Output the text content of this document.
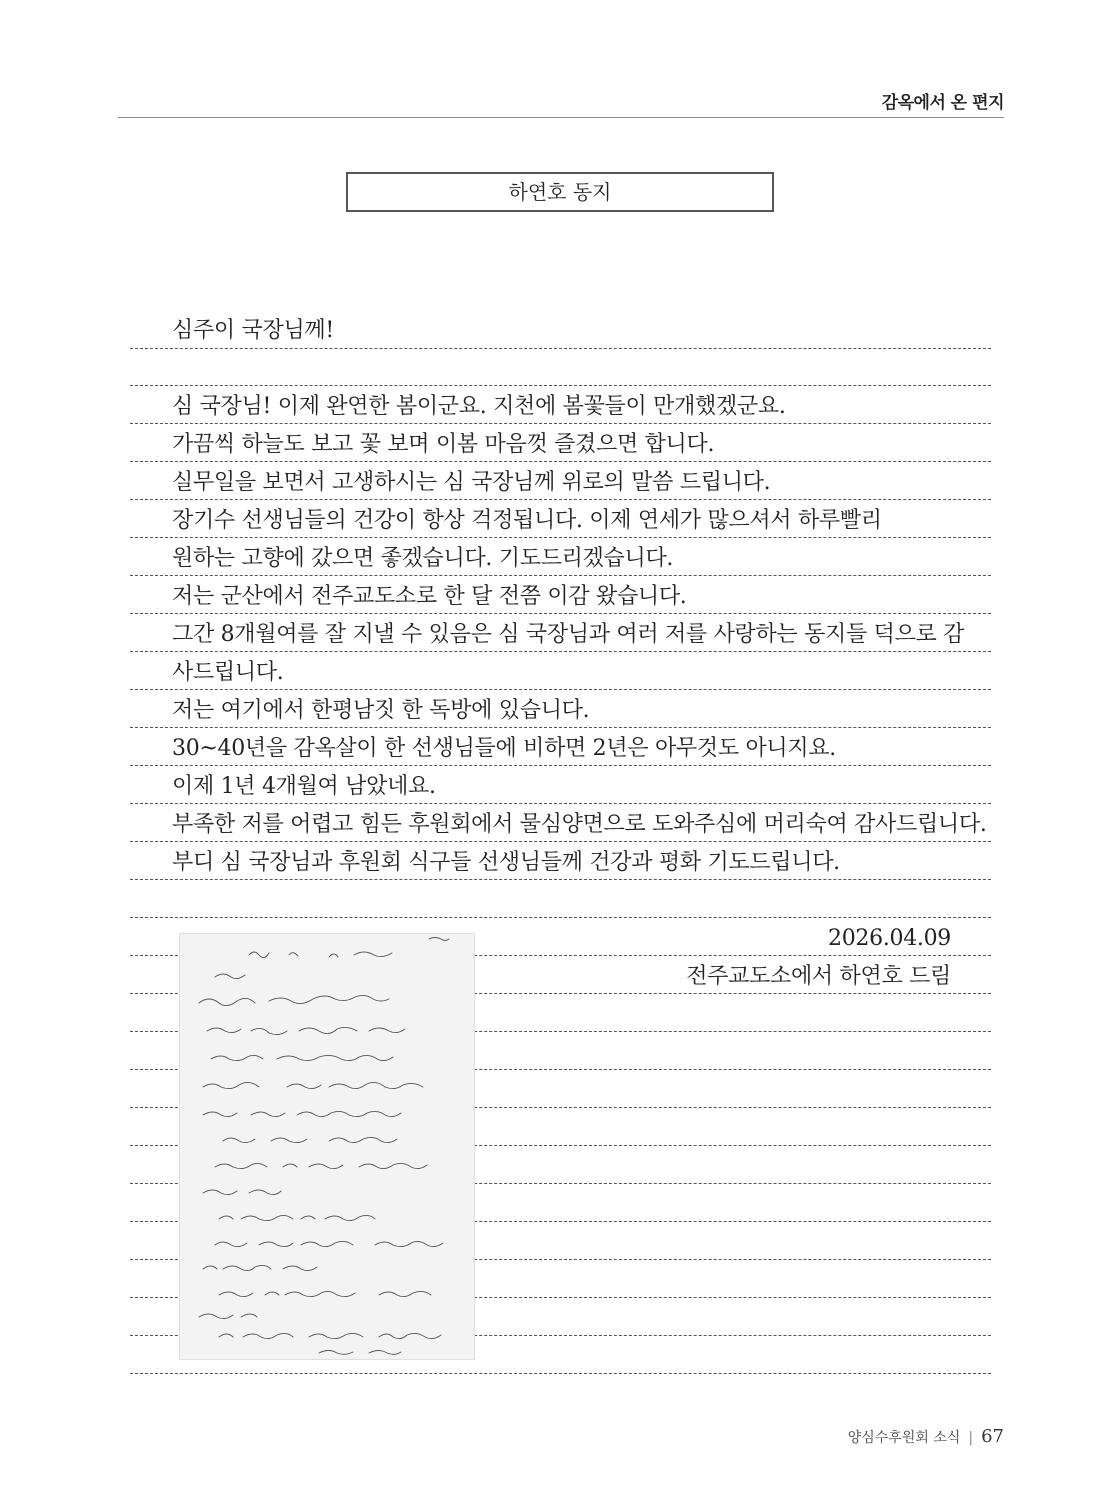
감옥에서 온 편지
하연호 동지
심주이 국장님께!
심 국장님! 이제 완연한 봄이군요. 지천에 봄꽃들이 만개했겠군요.
가끔씩 하늘도 보고 꽃 보며 이봄 마음껏 즐겼으면 합니다.
실무일을 보면서 고생하시는 심 국장님께 위로의 말씀 드립니다.
장기수 선생님들의 건강이 항상 걱정됩니다. 이제 연세가 많으셔서 하루빨리
원하는 고향에 갔으면 좋겠습니다. 기도드리겠습니다.
저는 군산에서 전주교도소로 한 달 전쯤 이감 왔습니다.
그간 8개월여를 잘 지낼 수 있음은 심 국장님과 여러 저를 사랑하는 동지들 덕으로 감
사드립니다.
저는 여기에서 한평남짓 한 독방에 있습니다.
30~40년을 감옥살이 한 선생님들에 비하면 2년은 아무것도 아니지요.
이제 1년 4개월여 남았네요.
부족한 저를 어렵고 힘든 후원회에서 물심양면으로 도와주심에 머리숙여 감사드립니다.
부디 심 국장님과 후원회 식구들 선생님들께 건강과 평화 기도드립니다.
2026.04.09
전주교도소에서 하연호 드림
양심수후원회 소식 | 67
